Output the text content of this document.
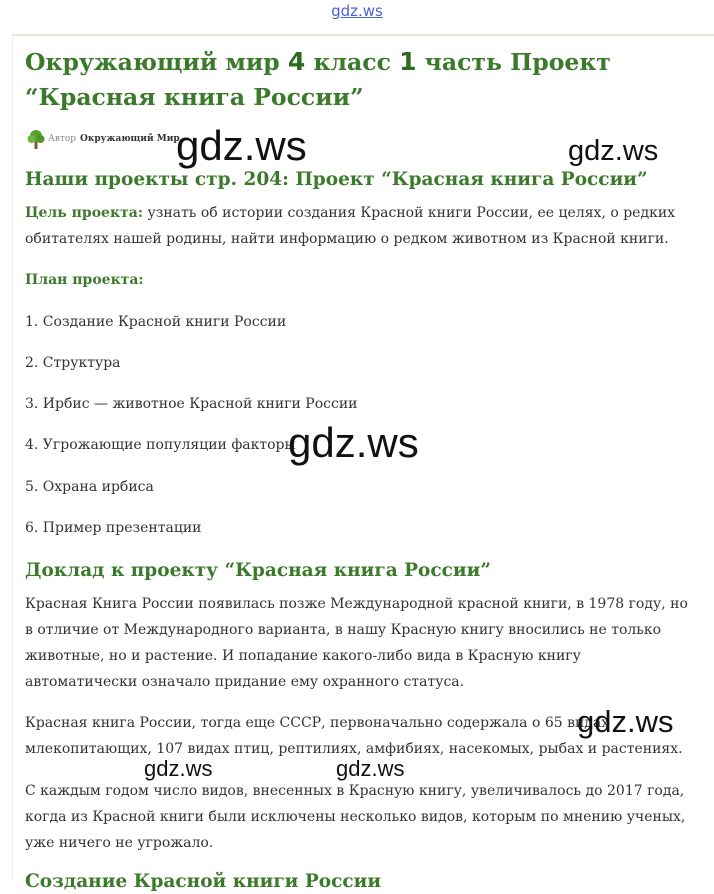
gdz.ws
Окружающий мир 4 класс 1 часть Проект “Красная книга России”
Автор Окружающий Мир
Наши проекты стр. 204: Проект “Красная книга России”

Цель проекта: узнать об истории создания Красной книги России, ее целях, о редких обитателях нашей родины, найти информацию о редком животном из Красной книги.

План проекта:

1. Создание Красной книги России

2. Структура

3. Ирбис — животное Красной книги России

4. Угрожающие популяции факторы

5. Охрана ирбиса

6. Пример презентации

Доклад к проекту “Красная книга России”

Красная Книга России появилась позже Международной красной книги, в 1978 году, но в отличие от Международного варианта, в нашу Красную книгу вносились не только животные, но и растение. И попадание какого-либо вида в Красную книгу автоматически означало придание ему охранного статуса.

Красная книга России, тогда еще СССР, первоначально содержала о 65 видах млекопитающих, 107 видах птиц, рептилиях, амфибиях, насекомых, рыбах и растениях.

С каждым годом число видов, внесенных в Красную книгу, увеличивалось до 2017 года, когда из Красной книги были исключены несколько видов, которым по мнению ученых, уже ничего не угрожало.

Создание Красной книги России
gdz.ws	gdz.ws
gdz.ws
gdz.ws
gdz.ws	gdz.ws
